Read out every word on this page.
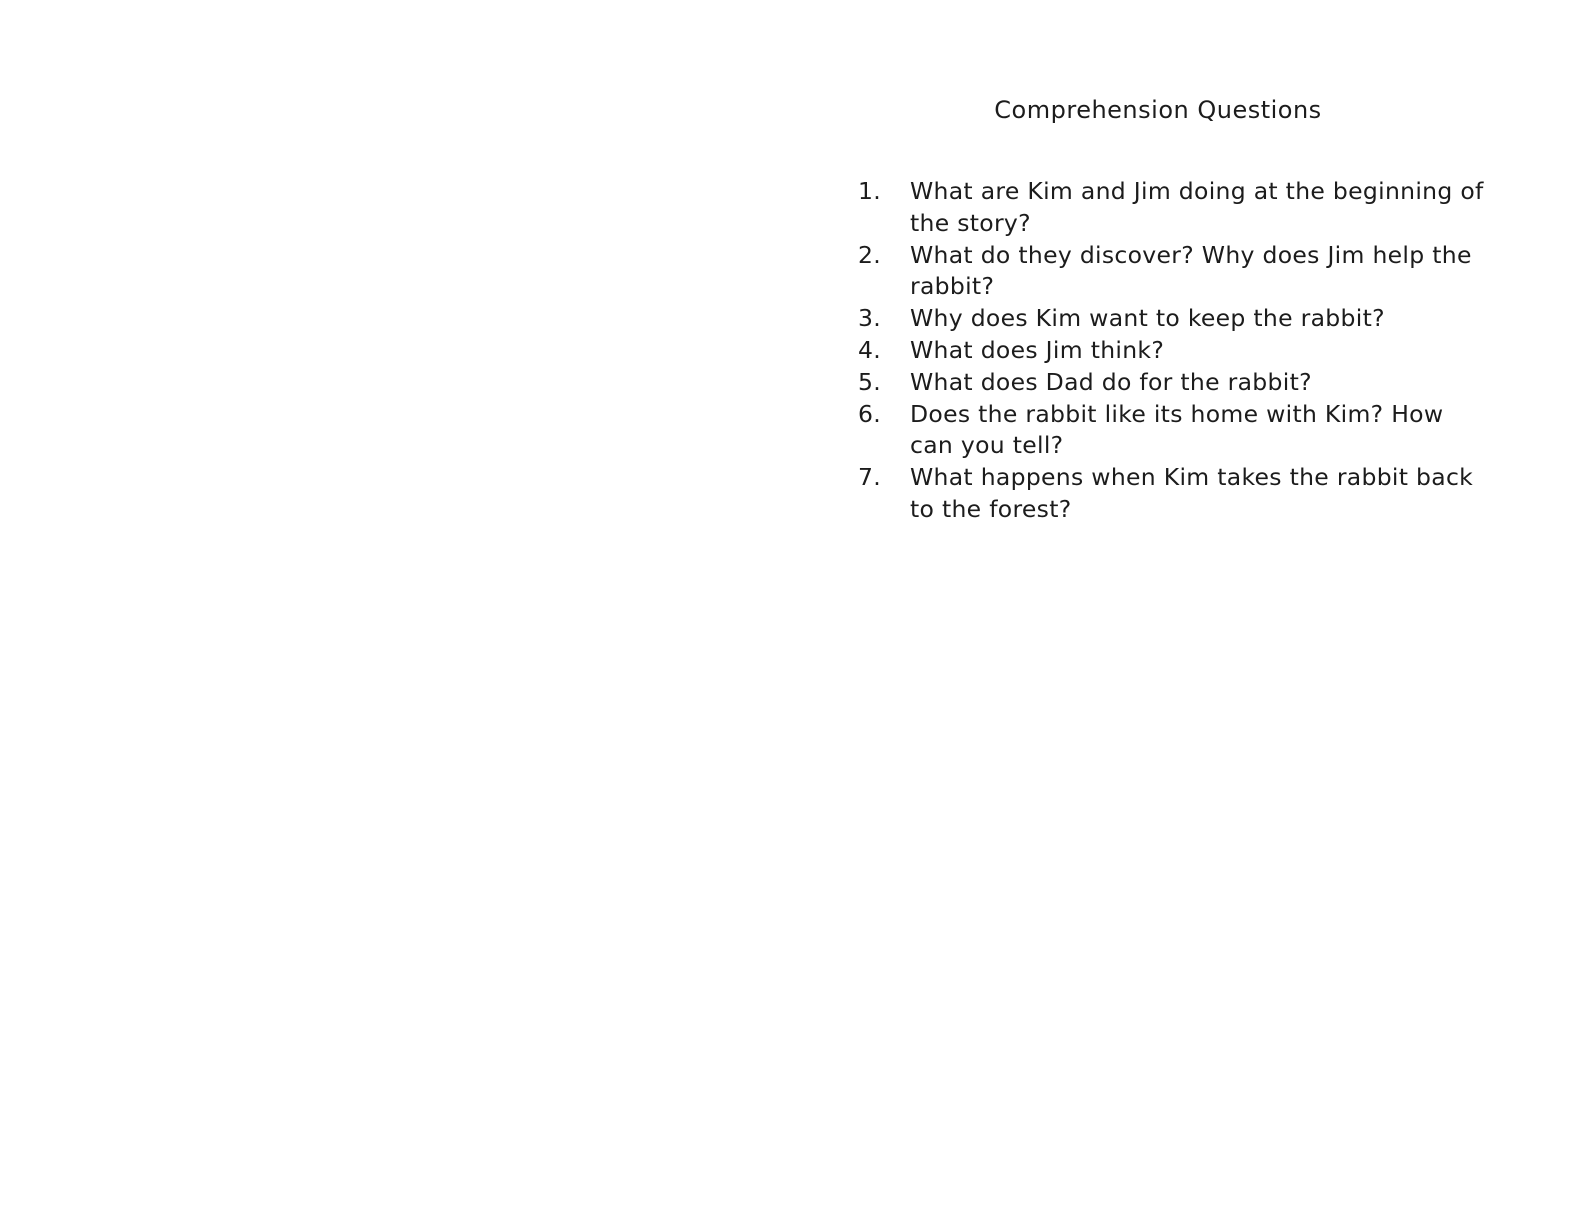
Comprehension Questions
1.	What are Kim and Jim doing at the beginning of the story?
2.	What do they discover? Why does Jim help the rabbit?
3.	Why does Kim want to keep the rabbit?
4.	What does Jim think?
5.	What does Dad do for the rabbit?
6.	Does the rabbit like its home with Kim? How can you tell?
7.	What happens when Kim takes the rabbit back to the forest?
